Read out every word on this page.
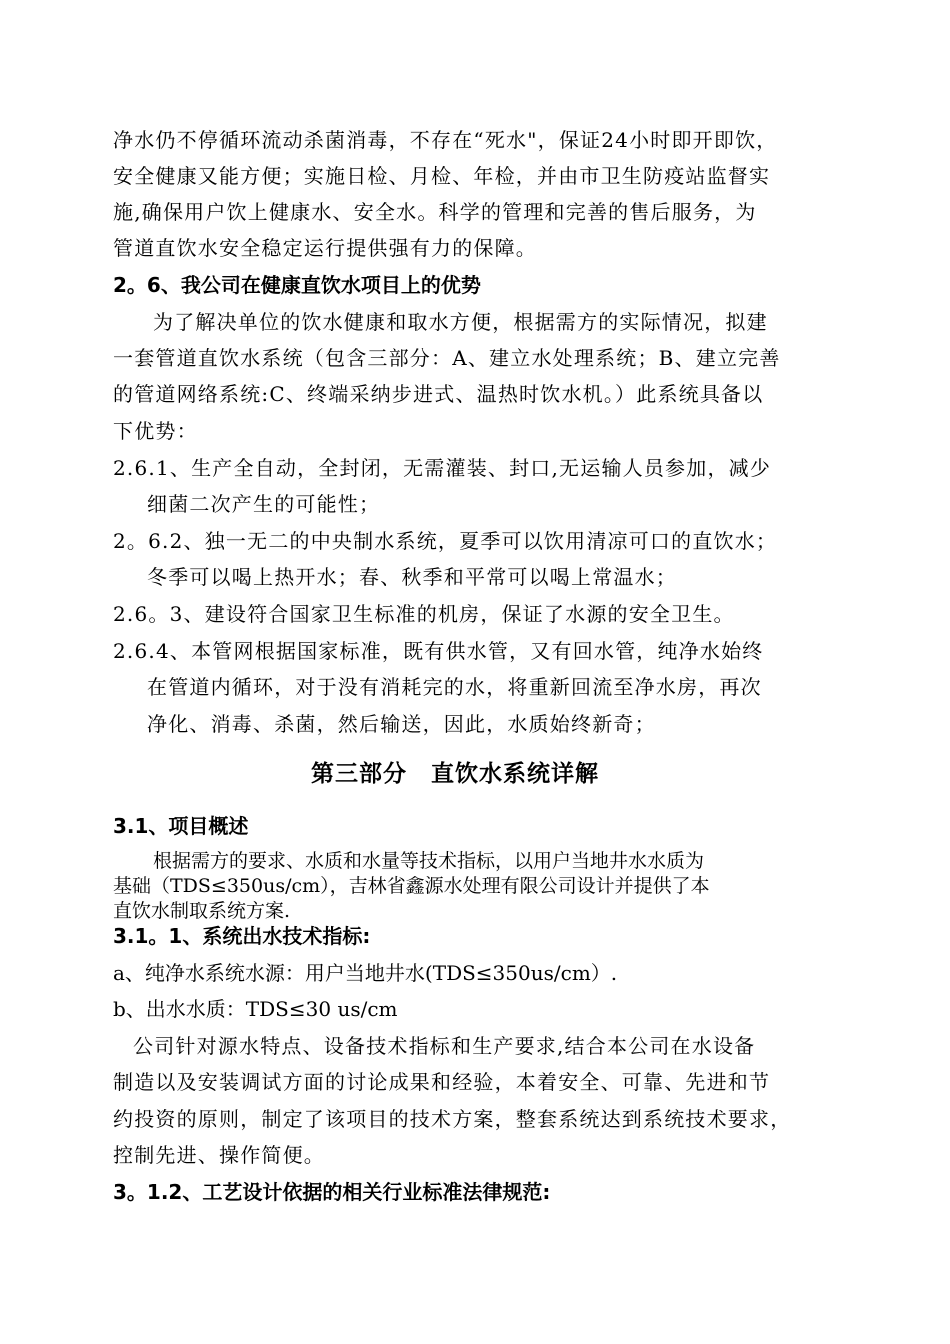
净水仍不停循环流动杀菌消毒，不存在“死水"，保证24小时即开即饮，
安全健康又能方便；实施日检、月检、年检，并由市卫生防疫站监督实
施,确保用户饮上健康水、安全水。科学的管理和完善的售后服务，为
管道直饮水安全稳定运行提供强有力的保障。
2。6、我公司在健康直饮水项目上的优势
为了解决单位的饮水健康和取水方便，根据需方的实际情况，拟建
一套管道直饮水系统（包含三部分：A、建立水处理系统；B、建立完善
的管道网络系统:C、终端采纳步进式、温热时饮水机。）此系统具备以
下优势：
2.6.1、生产全自动，全封闭，无需灌装、封口,无运输人员参加，减少
细菌二次产生的可能性；
2。6.2、独一无二的中央制水系统，夏季可以饮用清凉可口的直饮水；
冬季可以喝上热开水；春、秋季和平常可以喝上常温水；
2.6。3、建设符合国家卫生标准的机房，保证了水源的安全卫生。
2.6.4、本管网根据国家标准，既有供水管，又有回水管，纯净水始终
在管道内循环，对于没有消耗完的水，将重新回流至净水房，再次
净化、消毒、杀菌，然后输送，因此，水质始终新奇；
第三部分　直饮水系统详解
3.1、项目概述
根据需方的要求、水质和水量等技术指标，以用户当地井水水质为
基础（TDS≤350us/cm），吉林省鑫源水处理有限公司设计并提供了本
直饮水制取系统方案.
3.1。1、系统出水技术指标:
a、纯净水系统水源：用户当地井水(TDS≤350us/cm）.
b、出水水质：TDS≤30 us/cm
公司针对源水特点、设备技术指标和生产要求,结合本公司在水设备
制造以及安装调试方面的讨论成果和经验，本着安全、可靠、先进和节
约投资的原则，制定了该项目的技术方案，整套系统达到系统技术要求，
控制先进、操作简便。
3。1.2、工艺设计依据的相关行业标准法律规范:
